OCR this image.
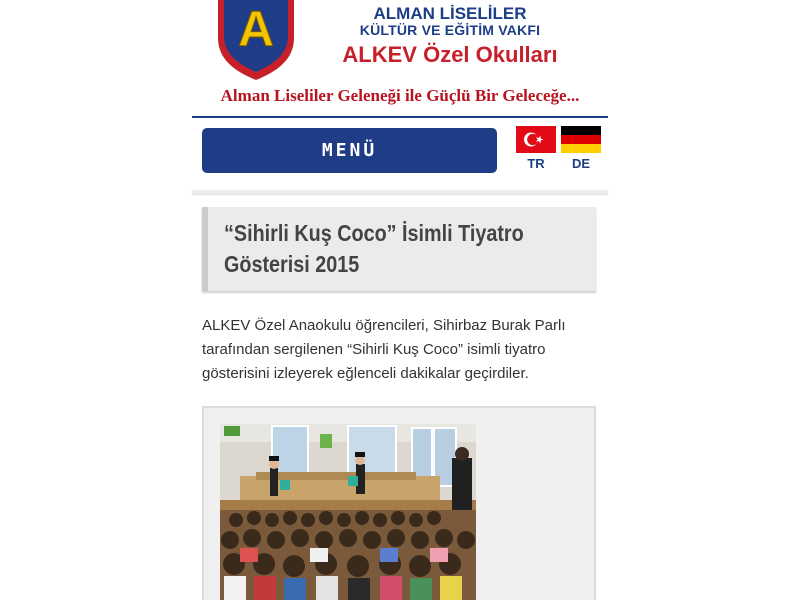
A	ALMAN LİSELİLER
KÜLTÜR VE EĞİTİM VAKFI
ALKEV Özel Okulları
Alman Liseliler Geleneği ile Güçlü Bir Geleceğe...
MENÜ
TR	DE
“Sihirli Kuş Coco” İsimli Tiyatro Gösterisi 2015
ALKEV Özel Anaokulu öğrencileri, Sihirbaz Burak Parlı tarafından sergilenen “Sihirli Kuş Coco” isimli tiyatro gösterisini izleyerek eğlenceli dakikalar geçirdiler.
